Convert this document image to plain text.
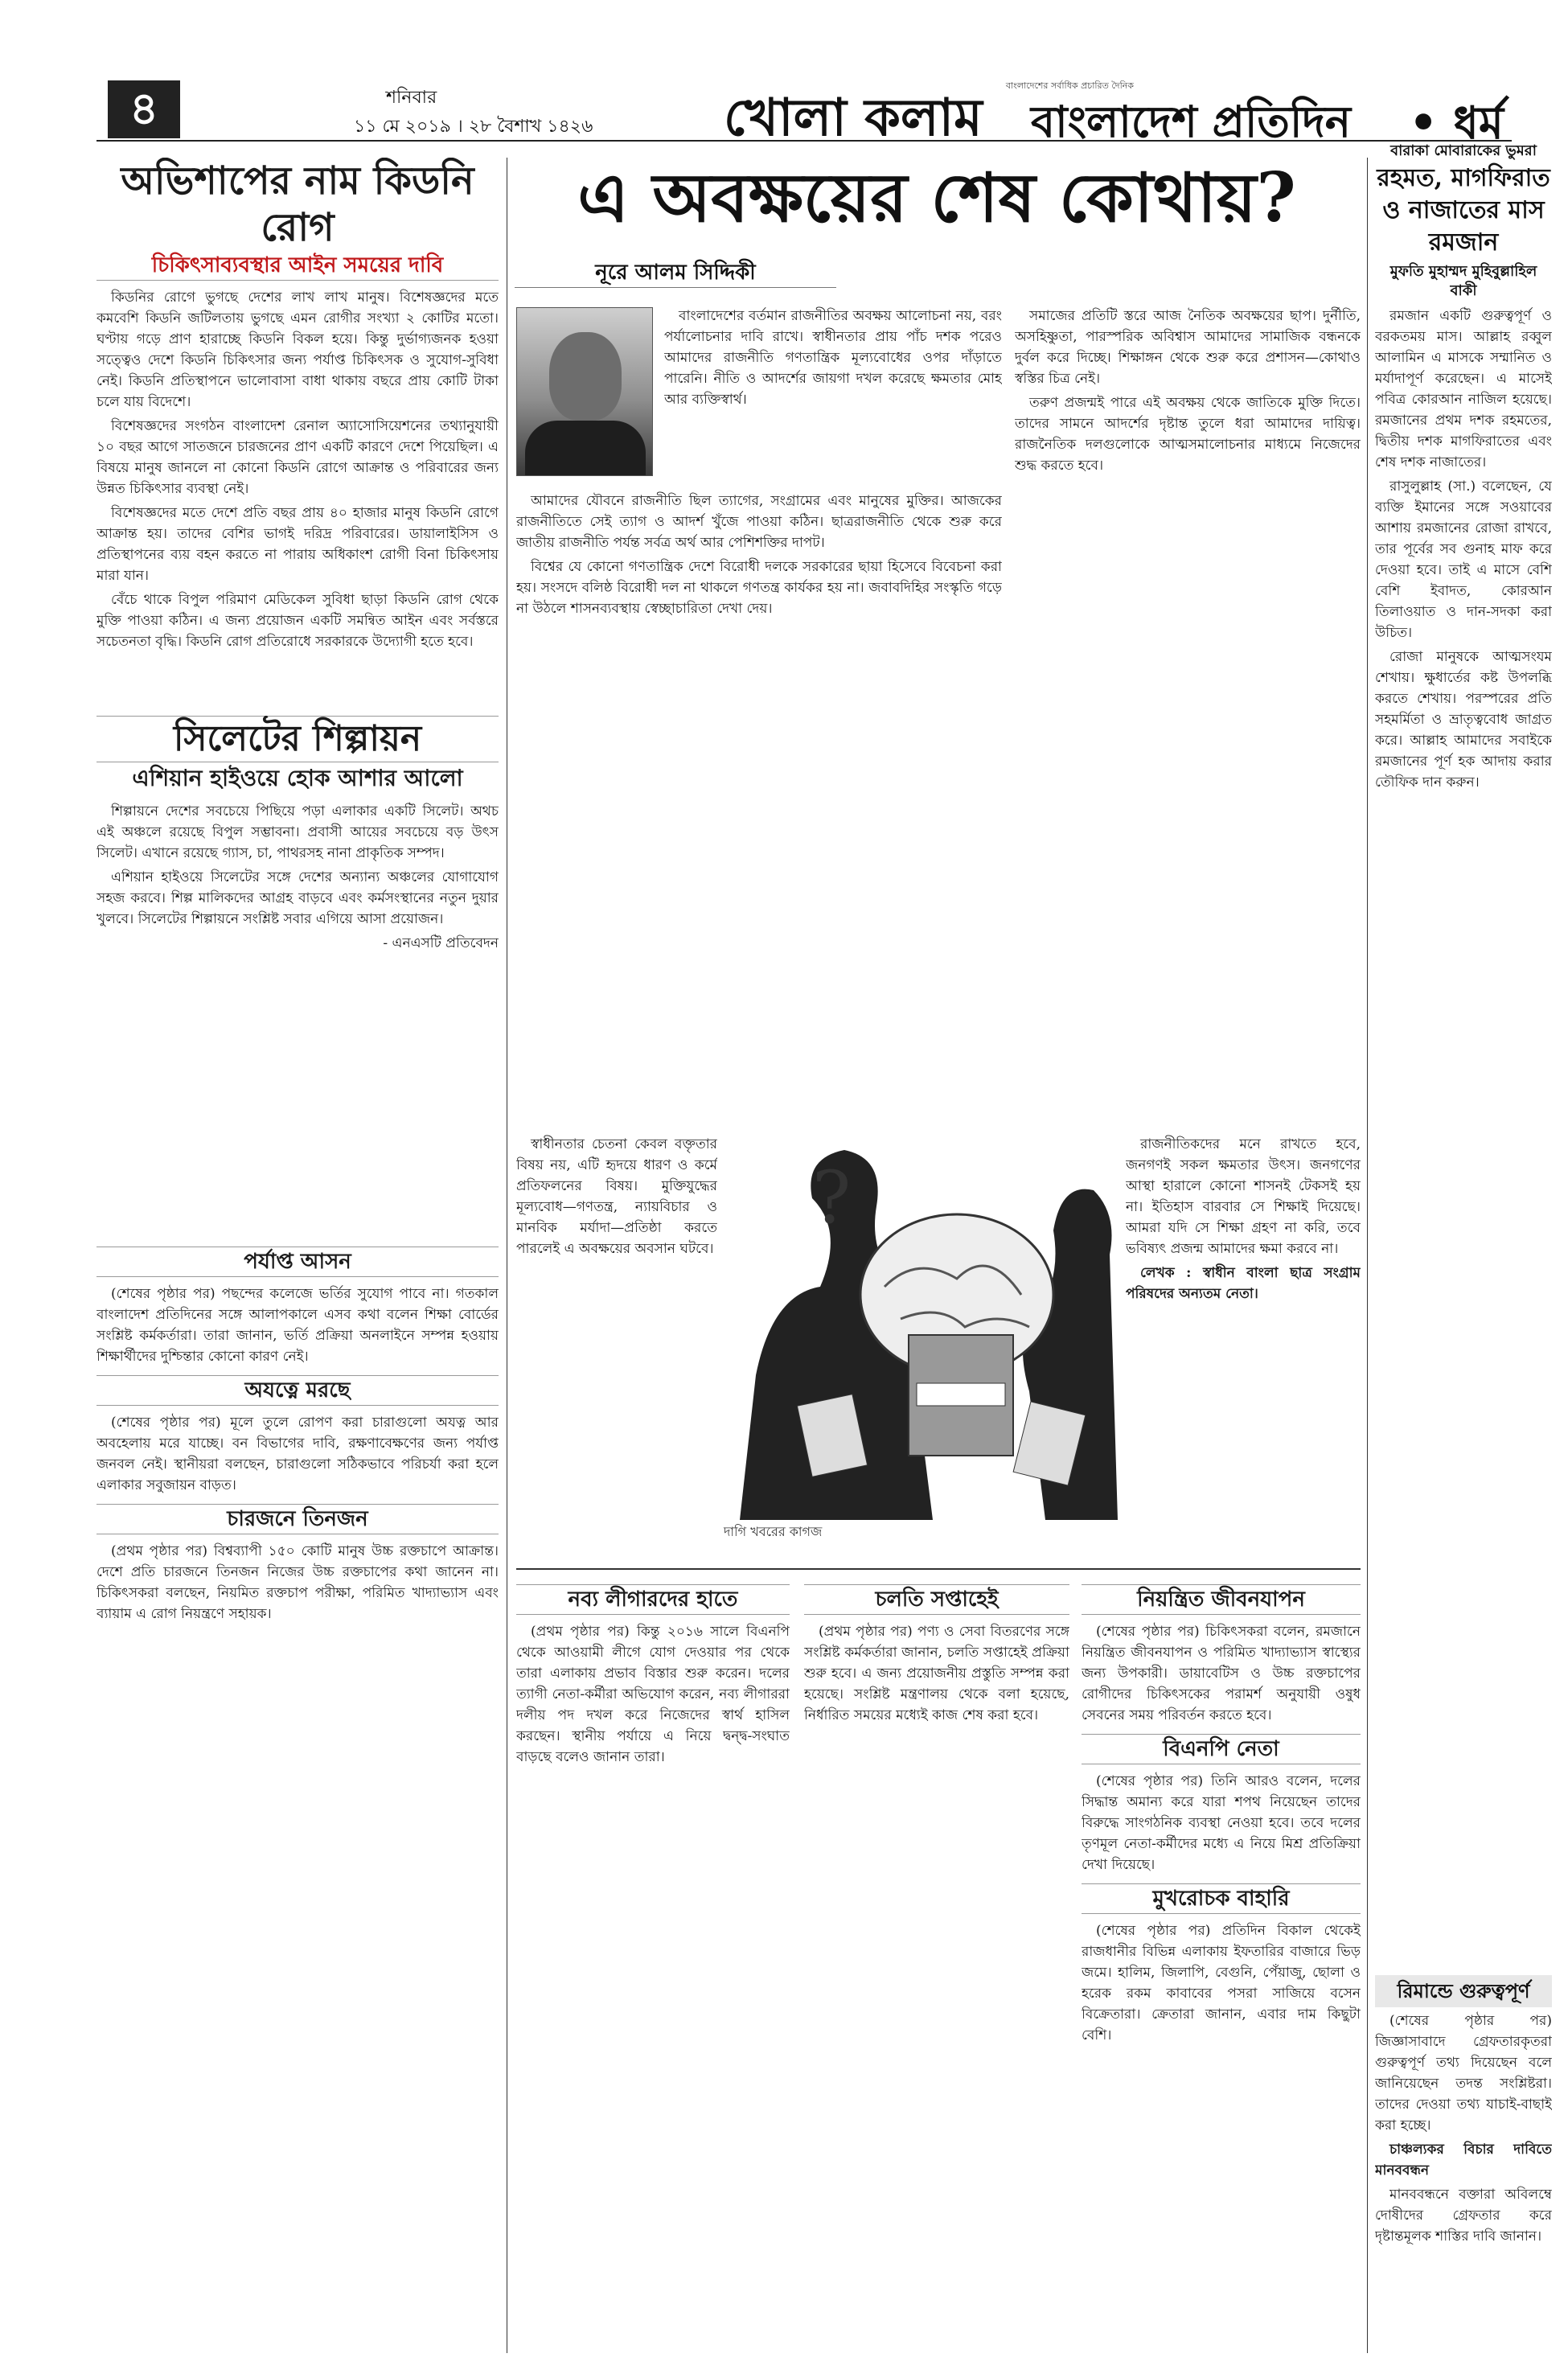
৪	শনিবার
১১ মে ২০১৯ । ২৮ বৈশাখ ১৪২৬	খোলা কলাম
বাংলাদেশের সর্বাধিক প্রচারিত দৈনিক
বাংলাদেশ প্রতিদিন • ধর্ম
অভিশাপের নাম কিডনি রোগ
চিকিৎসাব্যবস্থার আইন সময়ের দাবি

কিডনির রোগে ভুগছে দেশের লাখ লাখ মানুষ। বিশেষজ্ঞদের মতে কমবেশি কিডনি জটিলতায় ভুগছে এমন রোগীর সংখ্যা ২ কোটির মতো। ঘণ্টায় গড়ে প্রাণ হারাচ্ছে কিডনি বিকল হয়ে। কিন্তু দুর্ভাগ্যজনক হওয়া সত্ত্বেও দেশে কিডনি চিকিৎসার জন্য পর্যাপ্ত চিকিৎসক ও সুযোগ-সুবিধা নেই। কিডনি প্রতিস্থাপনে ভালোবাসা বাধা থাকায় বছরে প্রায় কোটি টাকা চলে যায় বিদেশে।

বিশেষজ্ঞদের সংগঠন বাংলাদেশ রেনাল অ্যাসোসিয়েশনের তথ্যানুযায়ী ১০ বছর আগে সাতজনে চারজনের প্রাণ একটি কারণে দেশে পিয়েছিল। এ বিষয়ে মানুষ জানলে না কোনো কিডনি রোগে আক্রান্ত ও পরিবারের জন্য উন্নত চিকিৎসার ব্যবস্থা নেই।

বিশেষজ্ঞদের মতে দেশে প্রতি বছর প্রায় ৪০ হাজার মানুষ কিডনি রোগে আক্রান্ত হয়। তাদের বেশির ভাগই দরিদ্র পরিবারের। ডায়ালাইসিস ও প্রতিস্থাপনের ব্যয় বহন করতে না পারায় অধিকাংশ রোগী বিনা চিকিৎসায় মারা যান।

বেঁচে থাকে বিপুল পরিমাণ মেডিকেল সুবিধা ছাড়া কিডনি রোগ থেকে মুক্তি পাওয়া কঠিন। এ জন্য প্রয়োজন একটি সমন্বিত আইন এবং সর্বস্তরে সচেতনতা বৃদ্ধি। কিডনি রোগ প্রতিরোধে সরকারকে উদ্যোগী হতে হবে।

সিলেটের শিল্পায়ন
এশিয়ান হাইওয়ে হোক আশার আলো

শিল্পায়নে দেশের সবচেয়ে পিছিয়ে পড়া এলাকার একটি সিলেট। অথচ এই অঞ্চলে রয়েছে বিপুল সম্ভাবনা। প্রবাসী আয়ের সবচেয়ে বড় উৎস সিলেট। এখানে রয়েছে গ্যাস, চা, পাথরসহ নানা প্রাকৃতিক সম্পদ।

এশিয়ান হাইওয়ে সিলেটের সঙ্গে দেশের অন্যান্য অঞ্চলের যোগাযোগ সহজ করবে। শিল্প মালিকদের আগ্রহ বাড়বে এবং কর্মসংস্থানের নতুন দুয়ার খুলবে। সিলেটের শিল্পায়নে সংশ্লিষ্ট সবার এগিয়ে আসা প্রয়োজন।

- এনএসটি প্রতিবেদন

পর্যাপ্ত আসন

(শেষের পৃষ্ঠার পর) পছন্দের কলেজে ভর্তির সুযোগ পাবে না। গতকাল বাংলাদেশ প্রতিদিনের সঙ্গে আলাপকালে এসব কথা বলেন শিক্ষা বোর্ডের সংশ্লিষ্ট কর্মকর্তারা। তারা জানান, ভর্তি প্রক্রিয়া অনলাইনে সম্পন্ন হওয়ায় শিক্ষার্থীদের দুশ্চিন্তার কোনো কারণ নেই।

অযত্নে মরছে

(শেষের পৃষ্ঠার পর) মূলে তুলে রোপণ করা চারাগুলো অযত্ন আর অবহেলায় মরে যাচ্ছে। বন বিভাগের দাবি, রক্ষণাবেক্ষণের জন্য পর্যাপ্ত জনবল নেই। স্থানীয়রা বলছেন, চারাগুলো সঠিকভাবে পরিচর্যা করা হলে এলাকার সবুজায়ন বাড়ত।

চারজনে তিনজন

(প্রথম পৃষ্ঠার পর) বিশ্বব্যাপী ১৫০ কোটি মানুষ উচ্চ রক্তচাপে আক্রান্ত। দেশে প্রতি চারজনে তিনজন নিজের উচ্চ রক্তচাপের কথা জানেন না। চিকিৎসকরা বলছেন, নিয়মিত রক্তচাপ পরীক্ষা, পরিমিত খাদ্যাভ্যাস এবং ব্যায়াম এ রোগ নিয়ন্ত্রণে সহায়ক।

এ অবক্ষয়ের শেষ কোথায়?
নূরে আলম সিদ্দিকী

বাংলাদেশের বর্তমান রাজনীতির অবক্ষয় আলোচনা নয়, বরং পর্যালোচনার দাবি রাখে। স্বাধীনতার প্রায় পাঁচ দশক পরেও আমাদের রাজনীতি গণতান্ত্রিক মূল্যবোধের ওপর দাঁড়াতে পারেনি। নীতি ও আদর্শের জায়গা দখল করেছে ক্ষমতার মোহ আর ব্যক্তিস্বার্থ।

আমাদের যৌবনে রাজনীতি ছিল ত্যাগের, সংগ্রামের এবং মানুষের মুক্তির। আজকের রাজনীতিতে সেই ত্যাগ ও আদর্শ খুঁজে পাওয়া কঠিন। ছাত্ররাজনীতি থেকে শুরু করে জাতীয় রাজনীতি পর্যন্ত সর্বত্র অর্থ আর পেশিশক্তির দাপট।

বিশ্বের যে কোনো গণতান্ত্রিক দেশে বিরোধী দলকে সরকারের ছায়া হিসেবে বিবেচনা করা হয়। সংসদে বলিষ্ঠ বিরোধী দল না থাকলে গণতন্ত্র কার্যকর হয় না। জবাবদিহির সংস্কৃতি গড়ে না উঠলে শাসনব্যবস্থায় স্বেচ্ছাচারিতা দেখা দেয়।

সমাজের প্রতিটি স্তরে আজ নৈতিক অবক্ষয়ের ছাপ। দুর্নীতি, অসহিষ্ণুতা, পারস্পরিক অবিশ্বাস আমাদের সামাজিক বন্ধনকে দুর্বল করে দিচ্ছে। শিক্ষাঙ্গন থেকে শুরু করে প্রশাসন—কোথাও স্বস্তির চিত্র নেই।

তরুণ প্রজন্মই পারে এই অবক্ষয় থেকে জাতিকে মুক্তি দিতে। তাদের সামনে আদর্শের দৃষ্টান্ত তুলে ধরা আমাদের দায়িত্ব। রাজনৈতিক দলগুলোকে আত্মসমালোচনার মাধ্যমে নিজেদের শুদ্ধ করতে হবে।

?
দাগি খবরের কাগজ

স্বাধীনতার চেতনা কেবল বক্তৃতার বিষয় নয়, এটি হৃদয়ে ধারণ ও কর্মে প্রতিফলনের বিষয়। মুক্তিযুদ্ধের মূল্যবোধ—গণতন্ত্র, ন্যায়বিচার ও মানবিক মর্যাদা—প্রতিষ্ঠা করতে পারলেই এ অবক্ষয়ের অবসান ঘটবে।

রাজনীতিকদের মনে রাখতে হবে, জনগণই সকল ক্ষমতার উৎস। জনগণের আস্থা হারালে কোনো শাসনই টেকসই হয় না। ইতিহাস বারবার সে শিক্ষাই দিয়েছে। আমরা যদি সে শিক্ষা গ্রহণ না করি, তবে ভবিষ্যৎ প্রজন্ম আমাদের ক্ষমা করবে না।

লেখক : স্বাধীন বাংলা ছাত্র সংগ্রাম পরিষদের অন্যতম নেতা।

নব্য লীগারদের হাতে

(প্রথম পৃষ্ঠার পর) কিন্তু ২০১৬ সালে বিএনপি থেকে আওয়ামী লীগে যোগ দেওয়ার পর থেকে তারা এলাকায় প্রভাব বিস্তার শুরু করেন। দলের ত্যাগী নেতা-কর্মীরা অভিযোগ করেন, নব্য লীগাররা দলীয় পদ দখল করে নিজেদের স্বার্থ হাসিল করছেন। স্থানীয় পর্যায়ে এ নিয়ে দ্বন্দ্ব-সংঘাত বাড়ছে বলেও জানান তারা।

চলতি সপ্তাহেই

(প্রথম পৃষ্ঠার পর) পণ্য ও সেবা বিতরণের সঙ্গে সংশ্লিষ্ট কর্মকর্তারা জানান, চলতি সপ্তাহেই প্রক্রিয়া শুরু হবে। এ জন্য প্রয়োজনীয় প্রস্তুতি সম্পন্ন করা হয়েছে। সংশ্লিষ্ট মন্ত্রণালয় থেকে বলা হয়েছে, নির্ধারিত সময়ের মধ্যেই কাজ শেষ করা হবে।

নিয়ন্ত্রিত জীবনযাপন

(শেষের পৃষ্ঠার পর) চিকিৎসকরা বলেন, রমজানে নিয়ন্ত্রিত জীবনযাপন ও পরিমিত খাদ্যাভ্যাস স্বাস্থ্যের জন্য উপকারী। ডায়াবেটিস ও উচ্চ রক্তচাপের রোগীদের চিকিৎসকের পরামর্শ অনুযায়ী ওষুধ সেবনের সময় পরিবর্তন করতে হবে।

বিএনপি নেতা

(শেষের পৃষ্ঠার পর) তিনি আরও বলেন, দলের সিদ্ধান্ত অমান্য করে যারা শপথ নিয়েছেন তাদের বিরুদ্ধে সাংগঠনিক ব্যবস্থা নেওয়া হবে। তবে দলের তৃণমূল নেতা-কর্মীদের মধ্যে এ নিয়ে মিশ্র প্রতিক্রিয়া দেখা দিয়েছে।

মুখরোচক বাহারি

(শেষের পৃষ্ঠার পর) প্রতিদিন বিকাল থেকেই রাজধানীর বিভিন্ন এলাকায় ইফতারির বাজারে ভিড় জমে। হালিম, জিলাপি, বেগুনি, পেঁয়াজু, ছোলা ও হরেক রকম কাবাবের পসরা সাজিয়ে বসেন বিক্রেতারা। ক্রেতারা জানান, এবার দাম কিছুটা বেশি।

বারাকা মোবারাকের ভুমরা
রহমত, মাগফিরাত ও নাজাতের মাস রমজান
মুফতি মুহাম্মদ মুহিবুল্লাহিল বাকী

রমজান একটি গুরুত্বপূর্ণ ও বরকতময় মাস। আল্লাহ রব্বুল আলামিন এ মাসকে সম্মানিত ও মর্যাদাপূর্ণ করেছেন। এ মাসেই পবিত্র কোরআন নাজিল হয়েছে। রমজানের প্রথম দশক রহমতের, দ্বিতীয় দশক মাগফিরাতের এবং শেষ দশক নাজাতের।

রাসুলুল্লাহ (সা.) বলেছেন, যে ব্যক্তি ইমানের সঙ্গে সওয়াবের আশায় রমজানের রোজা রাখবে, তার পূর্বের সব গুনাহ মাফ করে দেওয়া হবে। তাই এ মাসে বেশি বেশি ইবাদত, কোরআন তিলাওয়াত ও দান-সদকা করা উচিত।

রোজা মানুষকে আত্মসংযম শেখায়। ক্ষুধার্তের কষ্ট উপলব্ধি করতে শেখায়। পরস্পরের প্রতি সহমর্মিতা ও ভ্রাতৃত্ববোধ জাগ্রত করে। আল্লাহ আমাদের সবাইকে রমজানের পূর্ণ হক আদায় করার তৌফিক দান করুন।

রিমান্ডে গুরুত্বপূর্ণ

(শেষের পৃষ্ঠার পর) জিজ্ঞাসাবাদে গ্রেফতারকৃতরা গুরুত্বপূর্ণ তথ্য দিয়েছেন বলে জানিয়েছেন তদন্ত সংশ্লিষ্টরা। তাদের দেওয়া তথ্য যাচাই-বাছাই করা হচ্ছে।

চাঞ্চল্যকর বিচার দাবিতে মানববন্ধন

মানববন্ধনে বক্তারা অবিলম্বে দোষীদের গ্রেফতার করে দৃষ্টান্তমূলক শাস্তির দাবি জানান।
